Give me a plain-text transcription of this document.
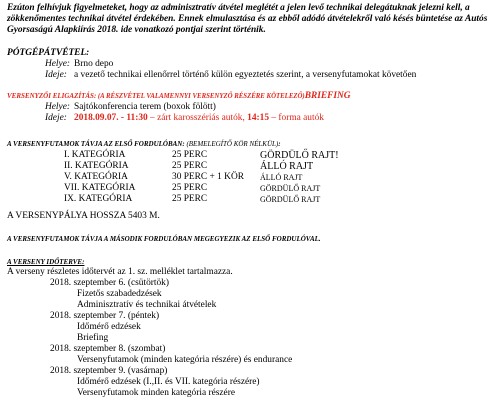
Ezúton felhívjuk figyelmeteket, hogy az adminisztratív átvétel meglétét a jelen levő technikai delegátuknak jelezni kell, a
zökkenőmentes technikai átvétel érdekében. Ennek elmulasztása és az ebből adódó átvételekről való késés büntetése az Autós
Gyorsaságú Alapkiírás 2018. ide vonatkozó pontjai szerint történik.
PÓTGÉPÁTVÉTEL:
Helye: Brno depo
Ideje: a vezető technikai ellenőrrel történő külön egyeztetés szerint, a versenyfutamokat követően
VERSENYZŐI ELIGAZÍTÁS: (A RÉSZVÉTEL VALAMENNYI VERSENYZŐ RÉSZÉRE KÖTELEZŐ)BRIEFING
Helye: Sajtókonferencia terem (boxok fölött)
Ideje: 2018.09.07. - 11:30 – zárt karosszériás autók, 14:15 – forma autók
A VERSENYFUTAMOK TÁVJA AZ ELSŐ FORDULÓBAN: (BEMELEGÍTŐ KÖR NÉLKÜL):
I. KATEGÓRIA	25 PERC	GÖRDÜLŐ RAJT!
II. KATEGÓRIA	25 PERC	ÁLLÓ RAJT
V. KATEGÓRIA	30 PERC + 1 KÖR ÁLLÓ RAJT
VII. KATEGÓRIA	25 PERC	GÖRDÜLŐ RAJT
IX. KATEGÓRIA	25 PERC	GÖRDÜLŐ RAJT
A VERSENYPÁLYA HOSSZA 5403 M.
A VERSENYFUTAMOK TÁVJA A MÁSODIK FORDULÓBAN MEGEGYEZIK AZ ELSŐ FORDULÓVAL.
A VERSENY IDŐTERVE:
A verseny részletes időtervét az 1. sz. melléklet tartalmazza.
2018. szeptember 6. (csütörtök)
Fizetős szabadedzések
Adminisztratív és technikai átvételek
2018. szeptember 7. (péntek)
Időmérő edzések
Briefing
2018. szeptember 8. (szombat)
Versenyfutamok (minden kategória részére) és endurance
2018. szeptember 9. (vasárnap)
Időmérő edzések (I.,II. és VII. kategória részére)
Versenyfutamok minden kategória részére
